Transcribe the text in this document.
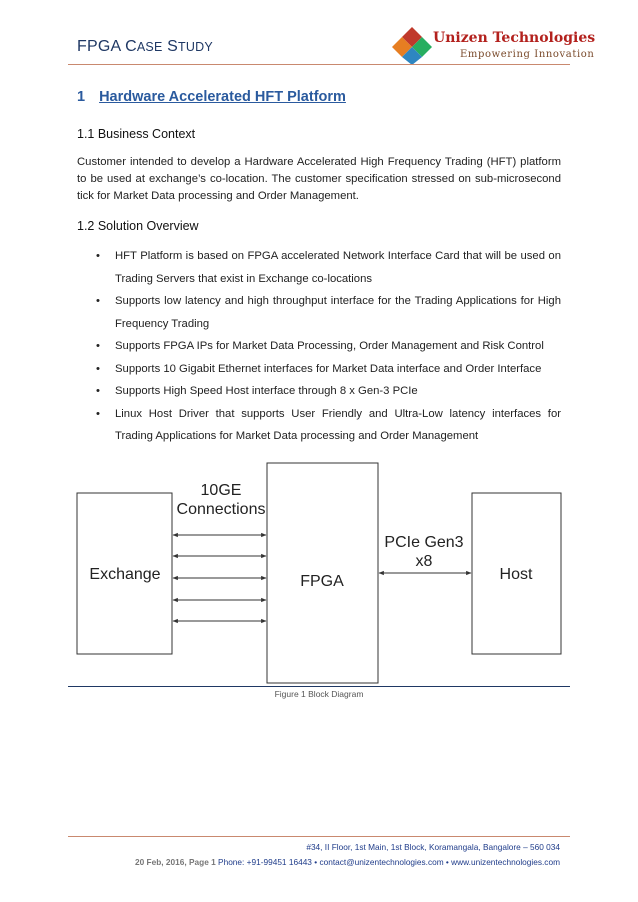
FPGA CASE STUDY
Unizen Technologies
Empowering Innovation
1 Hardware Accelerated HFT Platform
1.1 Business Context
Customer intended to develop a Hardware Accelerated High Frequency Trading (HFT) platform to be used at exchange’s co-location. The customer specification stressed on sub-microsecond tick for Market Data processing and Order Management.
1.2 Solution Overview
• HFT Platform is based on FPGA accelerated Network Interface Card that will be used on Trading Servers that exist in Exchange co-locations
• Supports low latency and high throughput interface for the Trading Applications for High Frequency Trading
• Supports FPGA IPs for Market Data Processing, Order Management and Risk Control
• Supports 10 Gigabit Ethernet interfaces for Market Data interface and Order Interface
• Supports High Speed Host interface through 8 x Gen-3 PCIe
• Linux Host Driver that supports User Friendly and Ultra-Low latency interfaces for Trading Applications for Market Data processing and Order Management
Exchange	FPGA	Host
10GE
Connections
PCIe Gen3
x8
Figure 1 Block Diagram
#34, II Floor, 1st Main, 1st Block, Koramangala, Bangalore – 560 034
20 Feb, 2016, Page 1 Phone: +91-99451 16443 • contact@unizentechnologies.com • www.unizentechnologies.com
